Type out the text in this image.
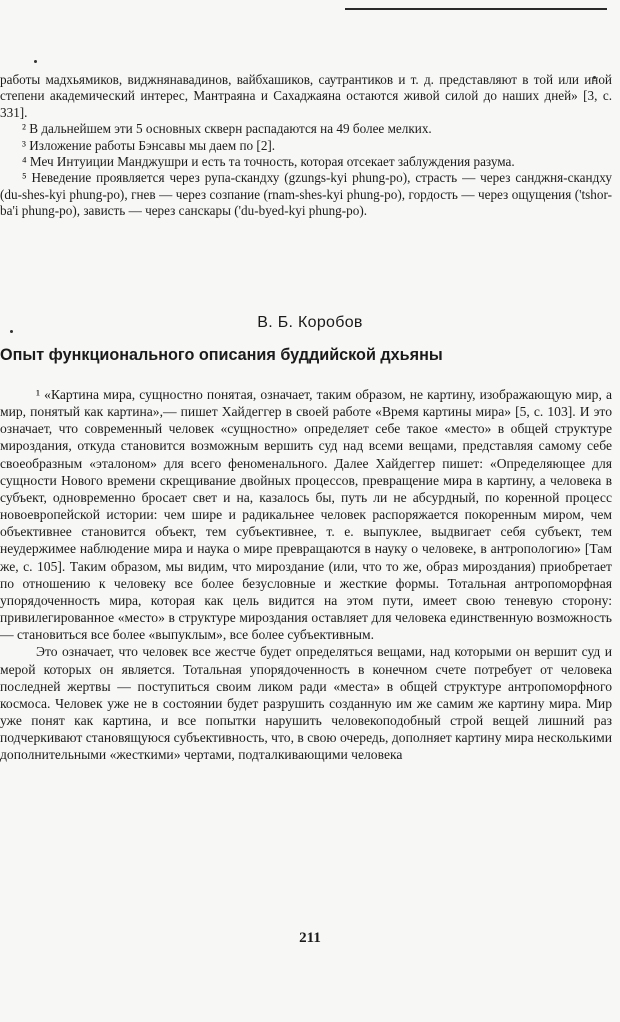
работы мадхьямиков, виджнянавадинов, вайбхашиков, саутрантиков и т. д. представляют в той или иной степени академический интерес, Мантраяна и Сахаджаяна остаются живой силой до наших дней» [3, с. 331].

² В дальнейшем эти 5 основных скверн распадаются на 49 более мелких.

³ Изложение работы Бэнсавы мы даем по [2].

⁴ Меч Интуиции Манджушри и есть та точность, которая отсекает заблуждения разума.

⁵ Неведение проявляется через рупа-скандху (gzungs-kyi phung-po), страсть — через санджня-скандху (du-shes-kyi phung-po), гнев — через созпание (rnam-shes-kyi phung-po), гордость — через ощущения ('tshor-ba'i phung-po), зависть — через санскары ('du-byed-kyi phung-po).

В. Б. Коробов
Опыт функционального описания буддийской дхьяны

¹ «Картина мира, сущностно понятая, означает, таким образом, не картину, изображающую мир, а мир, понятый как картина»,— пишет Хайдеггер в своей работе «Время картины мира» [5, с. 103]. И это означает, что современный человек «сущностно» определяет себе такое «место» в общей структуре мироздания, откуда становится возможным вершить суд над всеми вещами, представляя самому себе своеобразным «эталоном» для всего феноменального. Далее Хайдеггер пишет: «Определяющее для сущности Нового времени скрещивание двойных процессов, превращение мира в картину, а человека в субъект, одновременно бросает свет и на, казалось бы, путь ли не абсурдный, по коренной процесс новоевропейской истории: чем шире и радикальнее человек распоряжается покоренным миром, чем объективнее становится объект, тем субъективнее, т. е. выпуклее, выдвигает себя субъект, тем неудержимее наблюдение мира и наука о мире превращаются в науку о человеке, в антропологию» [Там же, с. 105]. Таким образом, мы видим, что мироздание (или, что то же, образ мироздания) приобретает по отношению к человеку все более безусловные и жесткие формы. Тотальная антропоморфная упорядоченность мира, которая как цель видится на этом пути, имеет свою теневую сторону: привилегированное «место» в структуре мироздания оставляет для человека единственную возможность — становиться все более «выпуклым», все более субъективным.

Это означает, что человек все жестче будет определяться вещами, над которыми он вершит суд и мерой которых он является. Тотальная упорядоченность в конечном счете потребует от человека последней жертвы — поступиться своим ликом ради «места» в общей структуре антропоморфного космоса. Человек уже не в состоянии будет разрушить созданную им же самим же картину мира. Мир уже понят как картина, и все попытки нарушить человекоподобный строй вещей лишний раз подчеркивают становящуюся субъективность, что, в свою очередь, дополняет картину мира несколькими дополнительными «жесткими» чертами, подталкивающими человека

211
